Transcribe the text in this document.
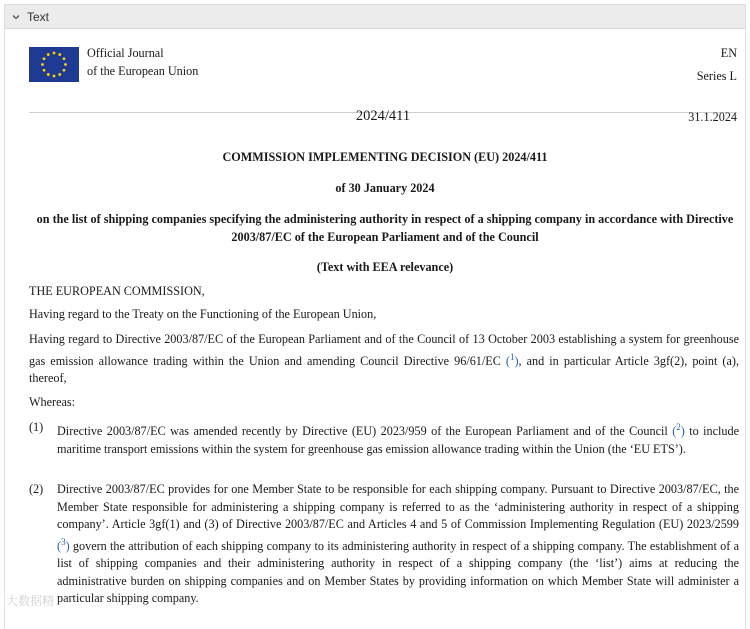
Text
Official Journal
of the European Union
EN
Series L
2024/411	31.1.2024
COMMISSION IMPLEMENTING DECISION (EU) 2024/411
of 30 January 2024
on the list of shipping companies specifying the administering authority in respect of a shipping company in accordance with Directive 2003/87/EC of the European Parliament and of the Council
(Text with EEA relevance)
THE EUROPEAN COMMISSION,
Having regard to the Treaty on the Functioning of the European Union,
Having regard to Directive 2003/87/EC of the European Parliament and of the Council of 13 October 2003 establishing a system for greenhouse gas emission allowance trading within the Union and amending Council Directive 96/61/EC ($^1$), and in particular Article 3gf(2), point (a), thereof,
Whereas:
(1) Directive 2003/87/EC was amended recently by Directive (EU) 2023/959 of the European Parliament and of the Council ($^2$) to include maritime transport emissions within the system for greenhouse gas emission allowance trading within the Union (the ‘EU ETS’).
(2) Directive 2003/87/EC provides for one Member State to be responsible for each shipping company. Pursuant to Directive 2003/87/EC, the Member State responsible for administering a shipping company is referred to as the ‘administering authority in respect of a shipping company’. Article 3gf(1) and (3) of Directive 2003/87/EC and Articles 4 and 5 of Commission Implementing Regulation (EU) 2023/2599 ($^3$) govern the attribution of each shipping company to its administering authority in respect of a shipping company. The establishment of a list of shipping companies and their administering authority in respect of a shipping company (the ‘list’) aims at reducing the administrative burden on shipping companies and on Member States by providing information on which Member State will administer a particular shipping company.
大数据精
